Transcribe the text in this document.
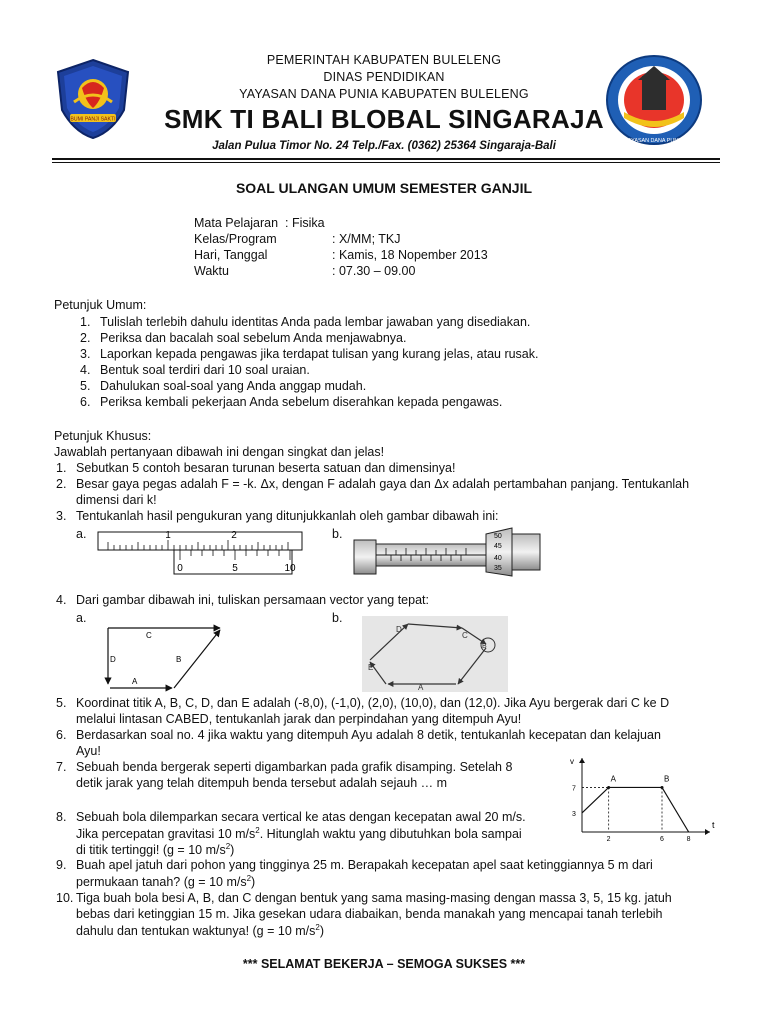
BUMI PANJI SAKTI
YAYASAN DANA PUNIA
PEMERINTAH KABUPATEN BULELENG
DINAS PENDIDIKAN
YAYASAN DANA PUNIA KABUPATEN BULELENG
SMK TI BALI BLOBAL SINGARAJA
Jalan Pulua Timor No. 24 Telp./Fax. (0362) 25364 Singaraja-Bali
SOAL ULANGAN UMUM SEMESTER GANJIL
Mata Pelajaran : Fisika
Kelas/Program	: X/MM; TKJ
Hari, Tanggal	: Kamis, 18 Nopember 2013
Waktu	: 07.30 – 09.00
Petunjuk Umum:
1. Tulislah terlebih dahulu identitas Anda pada lembar jawaban yang disediakan.
2. Periksa dan bacalah soal sebelum Anda menjawabnya.
3. Laporkan kepada pengawas jika terdapat tulisan yang kurang jelas, atau rusak.
4. Bentuk soal terdiri dari 10 soal uraian.
5. Dahulukan soal-soal yang Anda anggap mudah.
6. Periksa kembali pekerjaan Anda sebelum diserahkan kepada pengawas.
Petunjuk Khusus:
Jawablah pertanyaan dibawah ini dengan singkat dan jelas!
1. Sebutkan 5 contoh besaran turunan beserta satuan dan dimensinya!
2. Besar gaya pegas adalah F = -k. Δx, dengan F adalah gaya dan Δx adalah pertambahan panjang. Tentukanlah
dimensi dari k!
3. Tentukanlah hasil pengukuran yang ditunjukkanlah oleh gambar dibawah ini:
a.	b.
1	2
0	5	10
50
45
40
35
4. Dari gambar dibawah ini, tuliskan persamaan vector yang tepat:
a.	b.
C
D	B
A
D
C
E
B
A
5. Koordinat titik A, B, C, D, dan E adalah (-8,0), (-1,0), (2,0), (10,0), dan (12,0). Jika Ayu bergerak dari C ke D
melalui lintasan CABED, tentukanlah jarak dan perpindahan yang ditempuh Ayu!
6. Berdasarkan soal no. 4 jika waktu yang ditempuh Ayu adalah 8 detik, tentukanlah kecepatan dan kelajuan
Ayu!
7. Sebuah benda bergerak seperti digambarkan pada grafik disamping. Setelah 8
detik jarak yang telah ditempuh benda tersebut adalah sejauh … m
t
v
A	B
2	6	8
3
7
8. Sebuah bola dilemparkan secara vertical ke atas dengan kecepatan awal 20 m/s.
Jika percepatan gravitasi 10 $m/s^2$. Hitunglah waktu yang dibutuhkan bola sampai
di titik tertinggi! (g = 10 $m/s^2$)
9. Buah apel jatuh dari pohon yang tingginya 25 m. Berapakah kecepatan apel saat ketinggiannya 5 m dari
permukaan tanah? (g = 10 $m/s^2$)
10. Tiga buah bola besi A, B, dan C dengan bentuk yang sama masing-masing dengan massa 3, 5, 15 kg. jatuh
bebas dari ketinggian 15 m. Jika gesekan udara diabaikan, benda manakah yang mencapai tanah terlebih
dahulu dan tentukan waktunya! (g = 10 $m/s^2$)
*** SELAMAT BEKERJA – SEMOGA SUKSES ***
